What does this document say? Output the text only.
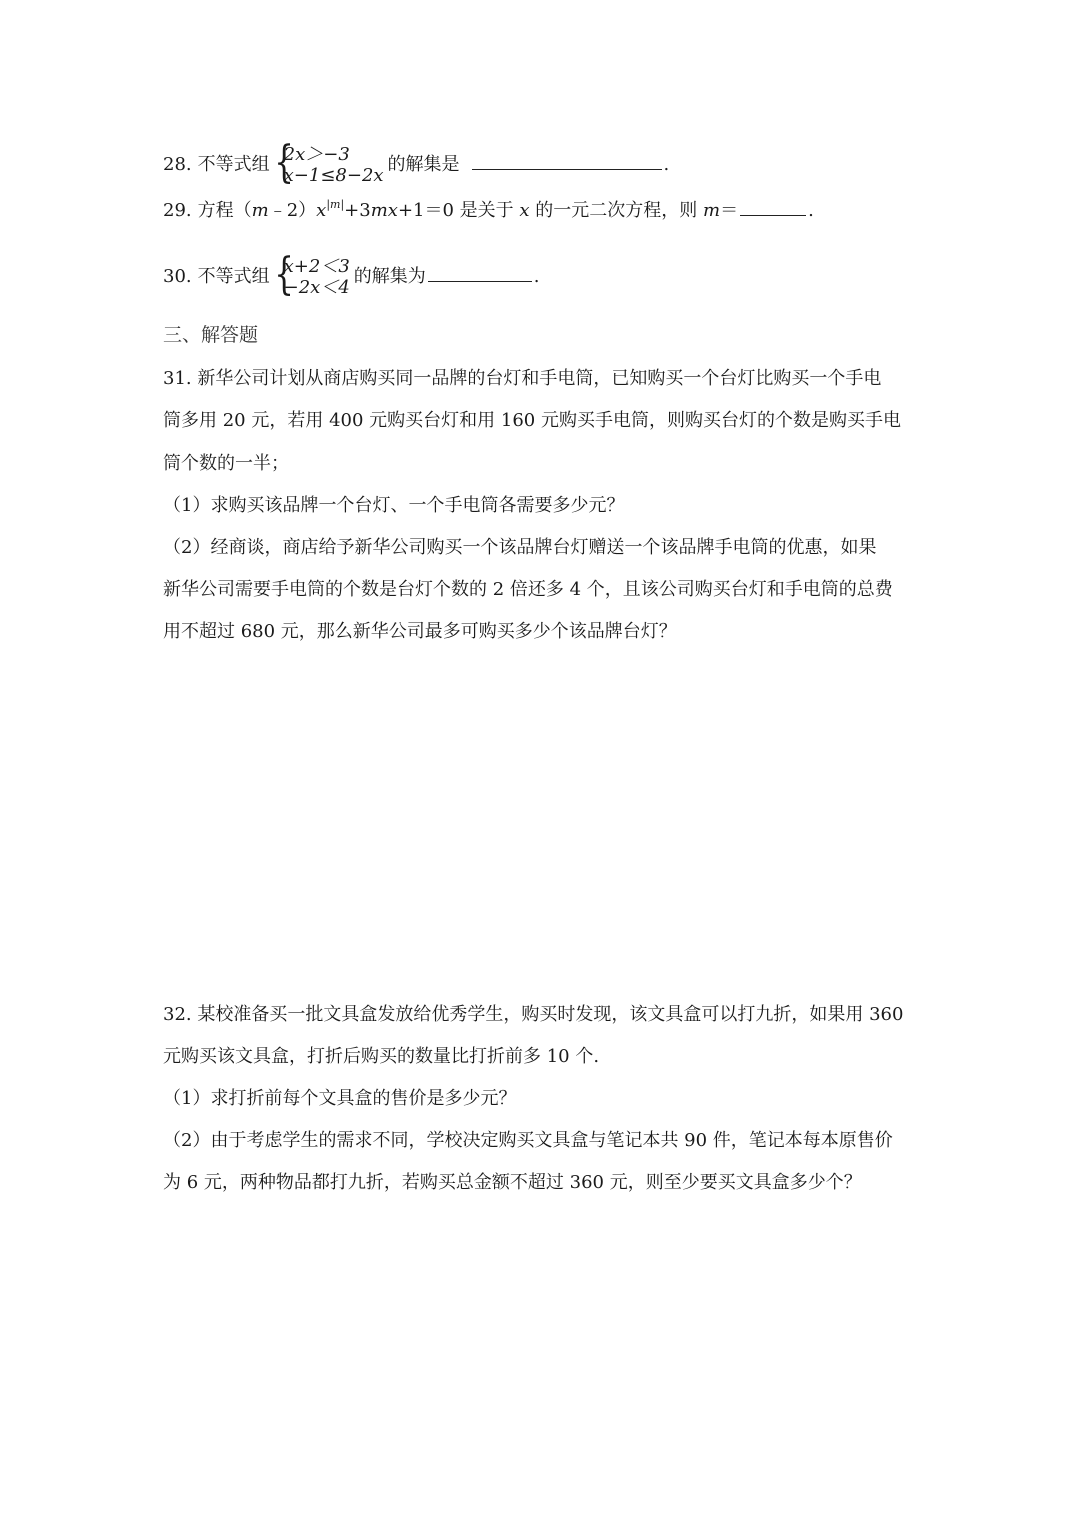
28. 不等式组 {
2x＞−3
x−1≤8−2x
的解集是	.
29. 方程$(m﹣2)x^{|m|}+3mx+1=0$ 是关于 x 的一元二次方程，则 m＝	.
30. 不等式组 {
x+2＜3
−2x＜4
的解集为	.
三、解答题
31. 新华公司计划从商店购买同一品牌的台灯和手电筒，已知购买一个台灯比购买一个手电
筒多用 20 元，若用 400 元购买台灯和用 160 元购买手电筒，则购买台灯的个数是购买手电
筒个数的一半；
（1）求购买该品牌一个台灯、一个手电筒各需要多少元？
（2）经商谈，商店给予新华公司购买一个该品牌台灯赠送一个该品牌手电筒的优惠，如果
新华公司需要手电筒的个数是台灯个数的 2 倍还多 4 个，且该公司购买台灯和手电筒的总费
用不超过 680 元，那么新华公司最多可购买多少个该品牌台灯？
32. 某校准备买一批文具盒发放给优秀学生，购买时发现，该文具盒可以打九折，如果用 360
元购买该文具盒，打折后购买的数量比打折前多 10 个.
（1）求打折前每个文具盒的售价是多少元？
（2）由于考虑学生的需求不同，学校决定购买文具盒与笔记本共 90 件，笔记本每本原售价
为 6 元，两种物品都打九折，若购买总金额不超过 360 元，则至少要买文具盒多少个？
